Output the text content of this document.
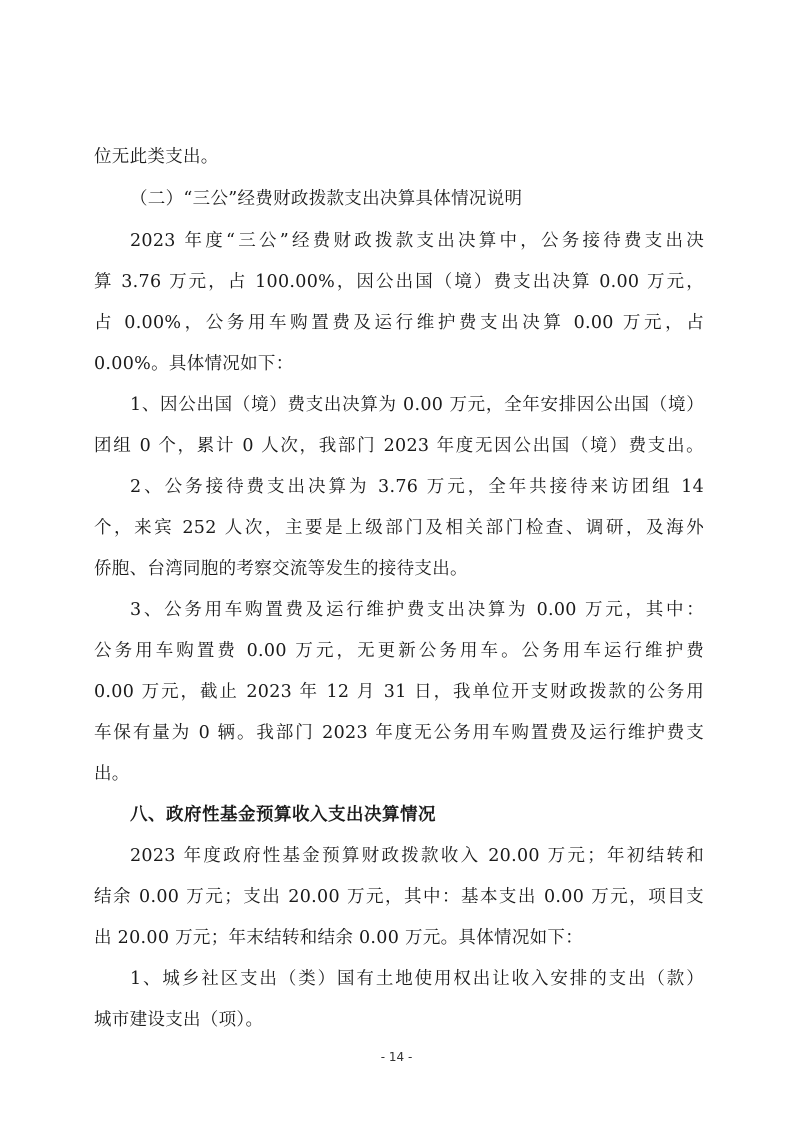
位无此类支出。
（二）“三公”经费财政拨款支出决算具体情况说明
2023 年度“三公”经费财政拨款支出决算中，公务接待费支出决
算 3.76 万元，占 100.00%，因公出国（境）费支出决算 0.00 万元，
占 0.00%，公务用车购置费及运行维护费支出决算 0.00 万元，占
0.00%。具体情况如下：
1、因公出国（境）费支出决算为 0.00 万元，全年安排因公出国（境）
团组 0 个，累计 0 人次，我部门 2023 年度无因公出国（境）费支出。
2、公务接待费支出决算为 3.76 万元，全年共接待来访团组 14
个，来宾 252 人次，主要是上级部门及相关部门检查、调研，及海外
侨胞、台湾同胞的考察交流等发生的接待支出。
3、公务用车购置费及运行维护费支出决算为 0.00 万元，其中：
公务用车购置费 0.00 万元，无更新公务用车。公务用车运行维护费
0.00 万元，截止 2023 年 12 月 31 日，我单位开支财政拨款的公务用
车保有量为 0 辆。我部门 2023 年度无公务用车购置费及运行维护费支
出。
八、政府性基金预算收入支出决算情况
2023 年度政府性基金预算财政拨款收入 20.00 万元；年初结转和
结余 0.00 万元；支出 20.00 万元，其中：基本支出 0.00 万元，项目支
出 20.00 万元；年末结转和结余 0.00 万元。具体情况如下：
1、城乡社区支出（类）国有土地使用权出让收入安排的支出（款）
城市建设支出（项）。
- 14 -
